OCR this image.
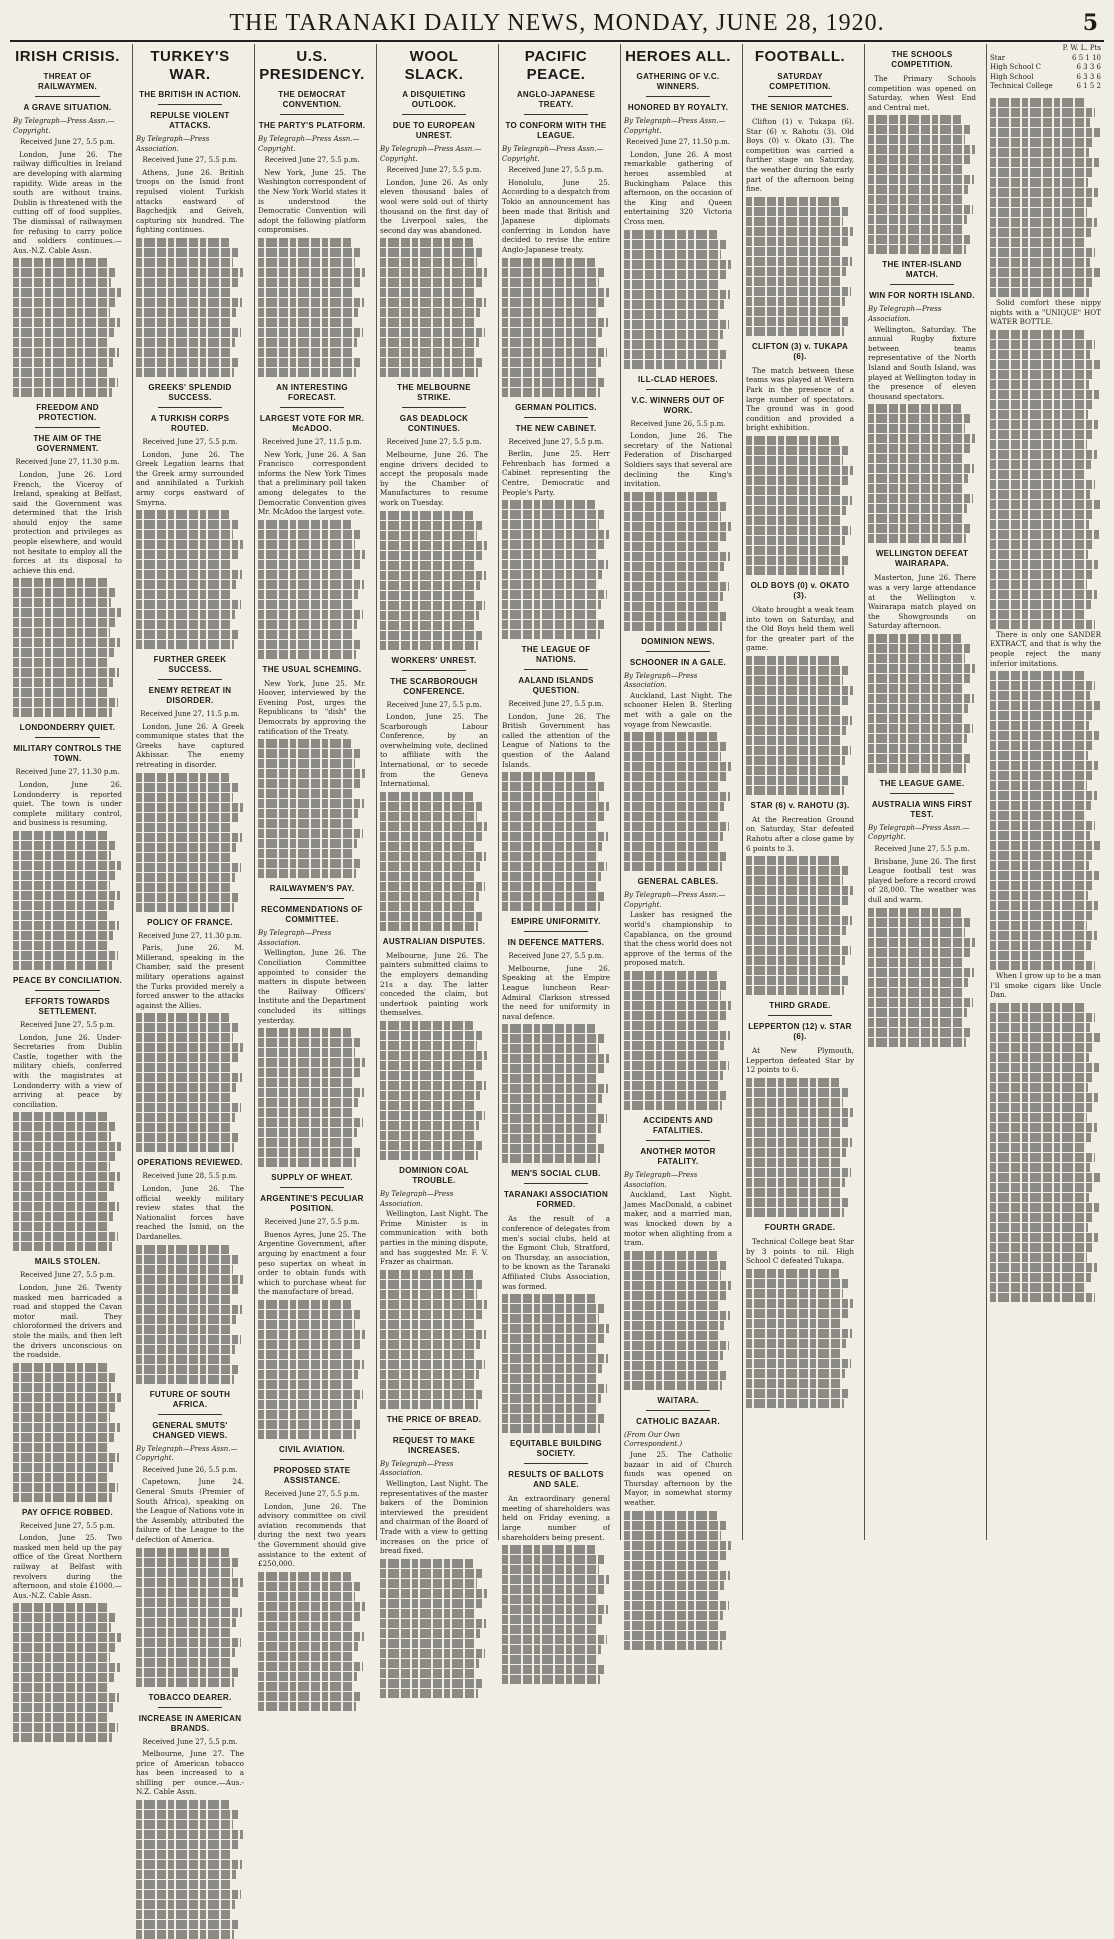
THE TARANAKI DAILY NEWS, MONDAY, JUNE 28, 1920.	5
IRISH CRISIS.
THREAT OF RAILWAYMEN.
A GRAVE SITUATION.
By Telegraph—Press Assn.—Copyright.
Received June 27, 5.5 p.m.
London, June 26. The railway difficulties in Ireland are developing with alarming rapidity. Wide areas in the south are without trains. Dublin is threatened with the cutting off of food supplies. The dismissal of railwaymen for refusing to carry police and soldiers continues.—Aus.-N.Z. Cable Assn.
FREEDOM AND PROTECTION.
THE AIM OF THE GOVERNMENT.
Received June 27, 11.30 p.m.
London, June 26. Lord French, the Viceroy of Ireland, speaking at Belfast, said the Government was determined that the Irish should enjoy the same protection and privileges as people elsewhere, and would not hesitate to employ all the forces at its disposal to achieve this end.
LONDONDERRY QUIET.
MILITARY CONTROLS THE TOWN.
Received June 27, 11.30 p.m.
London, June 26. Londonderry is reported quiet. The town is under complete military control, and business is resuming.
PEACE BY CONCILIATION.
EFFORTS TOWARDS SETTLEMENT.
Received June 27, 5.5 p.m.
London, June 26. Under-Secretaries from Dublin Castle, together with the military chiefs, conferred with the magistrates at Londonderry with a view of arriving at peace by conciliation.
MAILS STOLEN.
Received June 27, 5.5 p.m.
London, June 26. Twenty masked men barricaded a road and stopped the Cavan motor mail. They chloroformed the drivers and stole the mails, and then left the drivers unconscious on the roadside.
PAY OFFICE ROBBED.
Received June 27, 5.5 p.m.
London, June 25. Two masked men held up the pay office of the Great Northern railway at Belfast with revolvers during the afternoon, and stole £1000.—Aus.-N.Z. Cable Assn.
TURKEY'S WAR.
THE BRITISH IN ACTION.
REPULSE VIOLENT ATTACKS.
By Telegraph—Press Association.
Received June 27, 5.5 p.m.
Athens, June 26. British troops on the Ismid front repulsed violent Turkish attacks eastward of Bagchedjik and Geiveh, capturing six hundred. The fighting continues.
GREEKS' SPLENDID SUCCESS.
A TURKISH CORPS ROUTED.
Received June 27, 5.5 p.m.
London, June 26. The Greek Legation learns that the Greek army surrounded and annihilated a Turkish army corps eastward of Smyrna.
FURTHER GREEK SUCCESS.
ENEMY RETREAT IN DISORDER.
Received June 27, 11.5 p.m.
London, June 26. A Greek communique states that the Greeks have captured Akhissar. The enemy retreating in disorder.
POLICY OF FRANCE.
Received June 27, 11.30 p.m.
Paris, June 26. M. Millerand, speaking in the Chamber, said the present military operations against the Turks provided merely a forced answer to the attacks against the Allies.
OPERATIONS REVIEWED.
Received June 28, 5.5 p.m.
London, June 26. The official weekly military review states that the Nationalist forces have reached the Ismid, on the Dardanelles.
FUTURE OF SOUTH AFRICA.
GENERAL SMUTS' CHANGED VIEWS.
By Telegraph—Press Assn.—Copyright.
Received June 26, 5.5 p.m.
Capetown, June 24. General Smuts (Premier of South Africa), speaking on the League of Nations vote in the Assembly, attributed the failure of the League to the defection of America.
TOBACCO DEARER.
INCREASE IN AMERICAN BRANDS.
Received June 27, 5.5 p.m.
Melbourne, June 27. The price of American tobacco has been increased to a shilling per ounce.—Aus.-N.Z. Cable Assn.
U.S. PRESIDENCY.
THE DEMOCRAT CONVENTION.
THE PARTY'S PLATFORM.
By Telegraph—Press Assn.—Copyright.
Received June 27, 5.5 p.m.
New York, June 25. The Washington correspondent of the New York World states it is understood the Democratic Convention will adopt the following platform compromises.
AN INTERESTING FORECAST.
LARGEST VOTE FOR MR. McADOO.
Received June 27, 11.5 p.m.
New York, June 26. A San Francisco correspondent informs the New York Times that a preliminary poll taken among delegates to the Democratic Convention gives Mr. McAdoo the largest vote.
THE USUAL SCHEMING.
New York, June 25. Mr. Hoover, interviewed by the Evening Post, urges the Republicans to "dish" the Democrats by approving the ratification of the Treaty.
RAILWAYMEN'S PAY.
RECOMMENDATIONS OF COMMITTEE.
By Telegraph—Press Association.
Wellington, June 26. The Conciliation Committee appointed to consider the matters in dispute between the Railway Officers' Institute and the Department concluded its sittings yesterday.
SUPPLY OF WHEAT.
ARGENTINE'S PECULIAR POSITION.
Received June 27, 5.5 p.m.
Buenos Ayres, June 25. The Argentine Government, after arguing by enactment a four peso supertax on wheat in order to obtain funds with which to purchase wheat for the manufacture of bread.
CIVIL AVIATION.
PROPOSED STATE ASSISTANCE.
Received June 27, 5.5 p.m.
London, June 26. The advisory committee on civil aviation recommends that during the next two years the Government should give assistance to the extent of £250,000.
WOOL SLACK.
A DISQUIETING OUTLOOK.
DUE TO EUROPEAN UNREST.
By Telegraph—Press Assn.—Copyright.
Received June 27, 5.5 p.m.
London, June 26. As only eleven thousand bales of wool were sold out of thirty thousand on the first day of the Liverpool sales, the second day was abandoned.
THE MELBOURNE STRIKE.
GAS DEADLOCK CONTINUES.
Received June 27, 5.5 p.m.
Melbourne, June 26. The engine drivers decided to accept the proposals made by the Chamber of Manufactures to resume work on Tuesday.
WORKERS' UNREST.
THE SCARBOROUGH CONFERENCE.
Received June 27, 5.5 p.m.
London, June 25. The Scarborough Labour Conference, by an overwhelming vote, declined to affiliate with the International, or to secede from the Geneva International.
AUSTRALIAN DISPUTES.
Melbourne, June 26. The painters submitted claims to the employers demanding 21s a day. The latter conceded the claim, but undertook painting work themselves.
DOMINION COAL TROUBLE.
By Telegraph—Press Association.
Wellington, Last Night. The Prime Minister is in communication with both parties in the mining dispute, and has suggested Mr. F. V. Frazer as chairman.
THE PRICE OF BREAD.
REQUEST TO MAKE INCREASES.
By Telegraph—Press Association.
Wellington, Last Night. The representatives of the master bakers of the Dominion interviewed the president and chairman of the Board of Trade with a view to getting increases on the price of bread fixed.
PACIFIC PEACE.
ANGLO-JAPANESE TREATY.
TO CONFORM WITH THE LEAGUE.
By Telegraph—Press Assn.—Copyright.
Received June 27, 5.5 p.m.
Honolulu, June 25. According to a despatch from Tokio an announcement has been made that British and Japanese diplomats conferring in London have decided to revise the entire Anglo-Japanese treaty.
GERMAN POLITICS.
THE NEW CABINET.
Received June 27, 5.5 p.m.
Berlin, June 25. Herr Fehrenbach has formed a Cabinet representing the Centre, Democratic and People's Party.
THE LEAGUE OF NATIONS.
AALAND ISLANDS QUESTION.
Received June 27, 5.5 p.m.
London, June 26. The British Government has called the attention of the League of Nations to the question of the Aaland Islands.
EMPIRE UNIFORMITY.
IN DEFENCE MATTERS.
Received June 27, 5.5 p.m.
Melbourne, June 26. Speaking at the Empire League luncheon Rear-Admiral Clarkson stressed the need for uniformity in naval defence.
MEN'S SOCIAL CLUB.
TARANAKI ASSOCIATION FORMED.
As the result of a conference of delegates from men's social clubs, held at the Egmont Club, Stratford, on Thursday, an association, to be known as the Taranaki Affiliated Clubs Association, was formed.
EQUITABLE BUILDING SOCIETY.
RESULTS OF BALLOTS AND SALE.
An extraordinary general meeting of shareholders was held on Friday evening, a large number of shareholders being present.
HEROES ALL.
GATHERING OF V.C. WINNERS.
HONORED BY ROYALTY.
By Telegraph—Press Assn.—Copyright.
Received June 27, 11.50 p.m.
London, June 26. A most remarkable gathering of heroes assembled at Buckingham Palace this afternoon, on the occasion of the King and Queen entertaining 320 Victoria Cross men.
ILL-CLAD HEROES.
V.C. WINNERS OUT OF WORK.
Received June 26, 5.5 p.m.
London, June 26. The secretary of the National Federation of Discharged Soldiers says that several are declining the King's invitation.
DOMINION NEWS.
SCHOONER IN A GALE.
By Telegraph—Press Association.
Auckland, Last Night. The schooner Helen B. Sterling met with a gale on the voyage from Newcastle.
GENERAL CABLES.
By Telegraph—Press Assn.—Copyright.
Lasker has resigned the world's championship to Capablanca, on the ground that the chess world does not approve of the terms of the proposed match.
ACCIDENTS AND FATALITIES.
ANOTHER MOTOR FATALITY.
By Telegraph—Press Association.
Auckland, Last Night. James MacDonald, a cabinet maker, and a married man, was knocked down by a motor when alighting from a tram.
WAITARA.
CATHOLIC BAZAAR.
(From Our Own Correspondent.)
June 25. The Catholic bazaar in aid of Church funds was opened on Thursday afternoon by the Mayor, in somewhat stormy weather.
FOOTBALL.
SATURDAY COMPETITION.
THE SENIOR MATCHES.
Clifton (1) v. Tukapa (6). Star (6) v. Rahotu (3). Old Boys (0) v. Okato (3). The competition was carried a further stage on Saturday, the weather during the early part of the afternoon being fine.
CLIFTON (3) v. TUKAPA (6).
The match between these teams was played at Western Park in the presence of a large number of spectators. The ground was in good condition and provided a bright exhibition.
OLD BOYS (0) v. OKATO (3).
Okato brought a weak team into town on Saturday, and the Old Boys held them well for the greater part of the game.
STAR (6) v. RAHOTU (3).
At the Recreation Ground on Saturday, Star defeated Rahotu after a close game by 6 points to 3.
THIRD GRADE.
LEPPERTON (12) v. STAR (6).
At New Plymouth, Lepperton defeated Star by 12 points to 6.
FOURTH GRADE.
Technical College beat Star by 3 points to nil. High School C defeated Tukapa.
THE SCHOOLS COMPETITION.
The Primary Schools competition was opened on Saturday, when West End and Central met.
THE INTER-ISLAND MATCH.
WIN FOR NORTH ISLAND.
By Telegraph—Press Association.
Wellington, Saturday. The annual Rugby fixture between teams representative of the North Island and South Island, was played at Wellington today in the presence of eleven thousand spectators.
WELLINGTON DEFEAT WAIRARAPA.
Masterton, June 26. There was a very large attendance at the Wellington v. Wairarapa match played on the Showgrounds on Saturday afternoon.
THE LEAGUE GAME.
AUSTRALIA WINS FIRST TEST.
By Telegraph—Press Assn.—Copyright.
Received June 27, 5.5 p.m.
Brisbane, June 26. The first League football test was played before a record crowd of 28,000. The weather was dull and warm.
P. W. L. Pts
Star	6 5 1 10
High School C	6 3 3 6
High School	6 3 3 6
Technical College	6 1 5 2
Solid comfort these nippy nights with a "UNIQUE" HOT WATER BOTTLE.
There is only one SANDER EXTRACT, and that is why the people reject the many inferior imitations.
When I grow up to be a man I'll smoke cigars like Uncle Dan.
